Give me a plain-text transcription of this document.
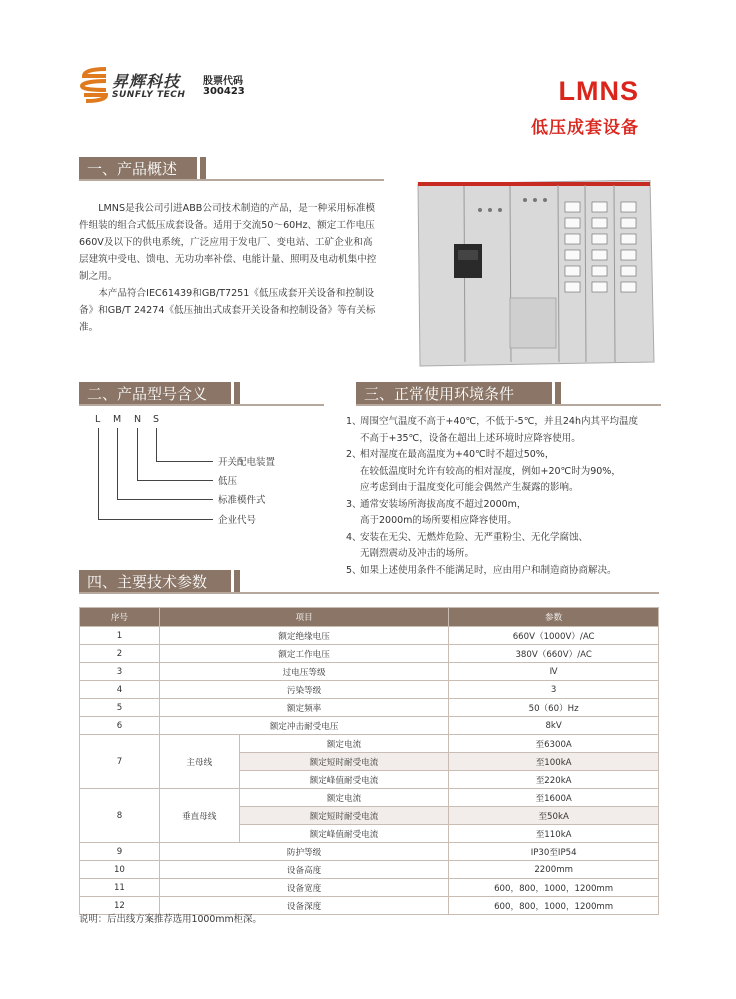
昇辉科技
SUNFLY TECH
股票代码
300423	LMNS
低压成套设备
一、产品概述

LMNS是我公司引进ABB公司技术制造的产品，是一种采用标准模件组装的组合式低压成套设备。适用于交流50～60Hz、额定工作电压660V及以下的供电系统，广泛应用于发电厂、变电站、工矿企业和高层建筑中受电、馈电、无功功率补偿、电能计量、照明及电动机集中控制之用。

本产品符合IEC61439和GB/T7251《低压成套开关设备和控制设备》和GB/T 24274《低压抽出式成套开关设备和控制设备》等有关标准。

二、产品型号含义
L M N S
开关配电装置
低压
标准模件式
企业代号
三、正常使用环境条件
1、
周围空气温度不高于+40℃，不低于-5℃，并且24h内其平均温度
不高于+35℃，设备在超出上述环境时应降容使用。
2、
相对湿度在最高温度为+40℃时不超过50%，
在较低温度时允许有较高的相对湿度，例如+20℃时为90%，
应考虑到由于温度变化可能会偶然产生凝露的影响。
3、
通常安装场所海拔高度不超过2000m，
高于2000m的场所要相应降容使用。
4、
安装在无尖、无燃炸危险、无严重粉尘、无化学腐蚀、
无剧烈震动及冲击的场所。
5、
如果上述使用条件不能满足时，应由用户和制造商协商解决。
四、主要技术参数
序号	项目		参数
1	额定绝缘电压		660V（1000V）/AC
2	额定工作电压		380V（660V）/AC
3	过电压等级		Ⅳ
4	污染等级		3
5	额定频率		50（60）Hz
6	额定冲击耐受电压		8kV
7	主母线	额定电流	至6300A
		额定短时耐受电流	至100kA
		额定峰值耐受电流	至220kA
8	垂直母线	额定电流	至1600A
		额定短时耐受电流	至50kA
		额定峰值耐受电流	至110kA
9	防护等级		IP30至IP54
10	设备高度		2200mm
11	设备宽度		600，800，1000，1200mm
12	设备深度		600，800，1000，1200mm
说明：后出线方案推荐选用1000mm柜深。
